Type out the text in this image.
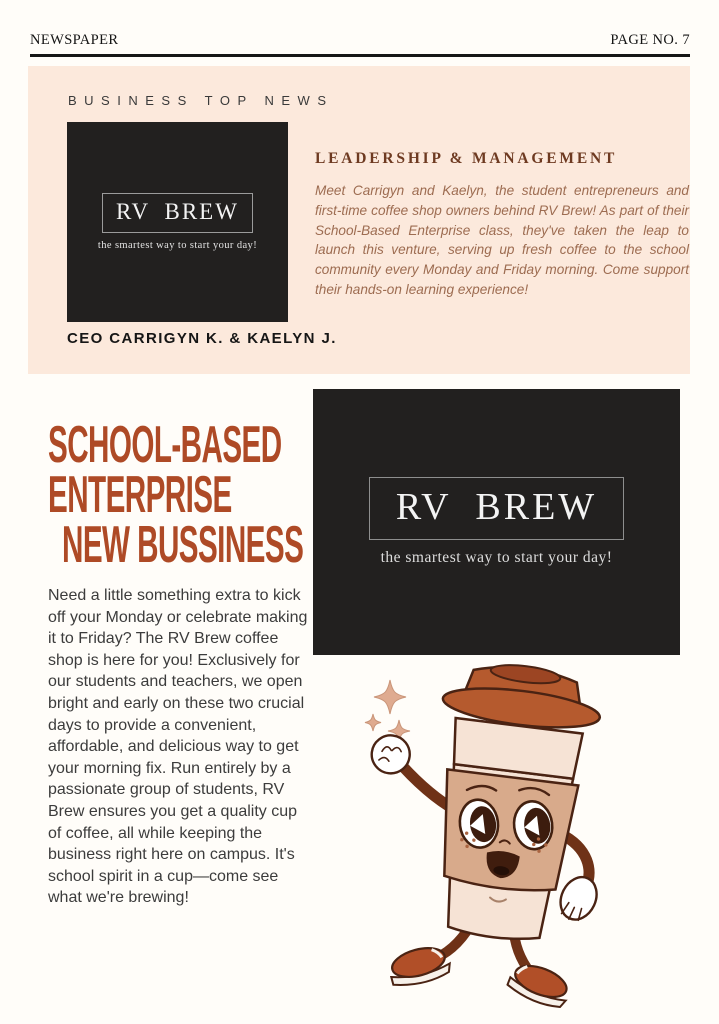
NEWSPAPER	PAGE NO. 7
BUSINESS TOP NEWS
RV BREW
the smartest way to start your day!
CEO CARRIGYN K. & KAELYN J.
LEADERSHIP & MANAGEMENT

Meet Carrigyn and Kaelyn, the student entrepreneurs and first-time coffee shop owners behind RV Brew! As part of their School-Based Enterprise class, they've taken the leap to launch this venture, serving up fresh coffee to the school community every Monday and Friday morning. Come support their hands-on learning experience!

SCHOOL-BASED
ENTERPRISE
NEW BUSSINESS

Need a little something extra to kick off your Monday or celebrate making it to Friday? The RV Brew coffee shop is here for you! Exclusively for our students and teachers, we open bright and early on these two crucial days to provide a convenient, affordable, and delicious way to get your morning fix. Run entirely by a passionate group of students, RV Brew ensures you get a quality cup of coffee, all while keeping the business right here on campus. It's school spirit in a cup—come see what we're brewing!

RV BREW
the smartest way to start your day!
